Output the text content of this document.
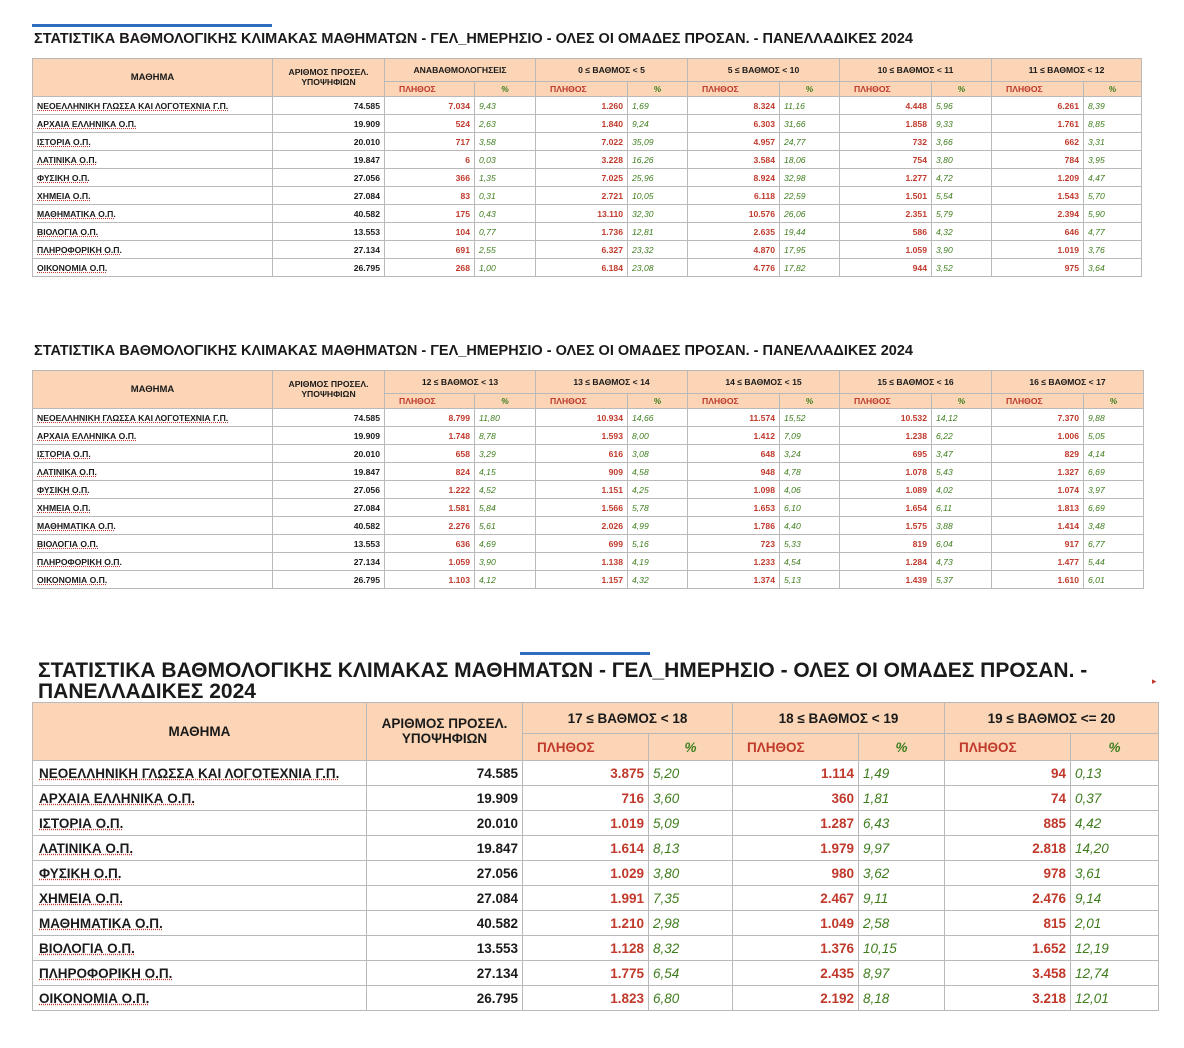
ΣΤΑΤΙΣΤΙΚΑ ΒΑΘΜΟΛΟΓΙΚΗΣ ΚΛΙΜΑΚΑΣ ΜΑΘΗΜΑΤΩΝ - ΓΕΛ_ΗΜΕΡΗΣΙΟ - ΟΛΕΣ ΟΙ ΟΜΑΔΕΣ ΠΡΟΣΑΝ. - ΠΑΝΕΛΛΑΔΙΚΕΣ 2024
ΜΑΘΗΜΑ	ΑΡΙΘΜΟΣ ΠΡΟΣΕΛ. ΥΠΟΨΗΦΙΩΝ	ΑΝΑΒΑΘΜΟΛΟΓΗΣΕΙΣ		0 ≤ ΒΑΘΜΟΣ < 5		5 ≤ ΒΑΘΜΟΣ < 10		10 ≤ ΒΑΘΜΟΣ < 11		11 ≤ ΒΑΘΜΟΣ < 12	
		ΠΛΗΘΟΣ	%	ΠΛΗΘΟΣ	%	ΠΛΗΘΟΣ	%	ΠΛΗΘΟΣ	%	ΠΛΗΘΟΣ	%
ΝΕΟΕΛΛΗΝΙΚΗ ΓΛΩΣΣΑ ΚΑΙ ΛΟΓΟΤΕΧΝΙΑ Γ.Π.	74.585	7.034	9,43	1.260	1,69	8.324	11,16	4.448	5,96	6.261	8,39
ΑΡΧΑΙΑ ΕΛΛΗΝΙΚΑ Ο.Π.	19.909	524	2,63	1.840	9,24	6.303	31,66	1.858	9,33	1.761	8,85
ΙΣΤΟΡΙΑ Ο.Π.	20.010	717	3,58	7.022	35,09	4.957	24,77	732	3,66	662	3,31
ΛΑΤΙΝΙΚΑ Ο.Π.	19.847	6	0,03	3.228	16,26	3.584	18,06	754	3,80	784	3,95
ΦΥΣΙΚΗ Ο.Π.	27.056	366	1,35	7.025	25,96	8.924	32,98	1.277	4,72	1.209	4,47
ΧΗΜΕΙΑ Ο.Π.	27.084	83	0,31	2.721	10,05	6.118	22,59	1.501	5,54	1.543	5,70
ΜΑΘΗΜΑΤΙΚΑ Ο.Π.	40.582	175	0,43	13.110	32,30	10.576	26,06	2.351	5,79	2.394	5,90
ΒΙΟΛΟΓΙΑ Ο.Π.	13.553	104	0,77	1.736	12,81	2.635	19,44	586	4,32	646	4,77
ΠΛΗΡΟΦΟΡΙΚΗ Ο.Π.	27.134	691	2,55	6.327	23,32	4.870	17,95	1.059	3,90	1.019	3,76
ΟΙΚΟΝΟΜΙΑ Ο.Π.	26.795	268	1,00	6.184	23,08	4.776	17,82	944	3,52	975	3,64
ΣΤΑΤΙΣΤΙΚΑ ΒΑΘΜΟΛΟΓΙΚΗΣ ΚΛΙΜΑΚΑΣ ΜΑΘΗΜΑΤΩΝ - ΓΕΛ_ΗΜΕΡΗΣΙΟ - ΟΛΕΣ ΟΙ ΟΜΑΔΕΣ ΠΡΟΣΑΝ. - ΠΑΝΕΛΛΑΔΙΚΕΣ 2024
ΜΑΘΗΜΑ	ΑΡΙΘΜΟΣ ΠΡΟΣΕΛ. ΥΠΟΨΗΦΙΩΝ	12 ≤ ΒΑΘΜΟΣ < 13		13 ≤ ΒΑΘΜΟΣ < 14		14 ≤ ΒΑΘΜΟΣ < 15		15 ≤ ΒΑΘΜΟΣ < 16		16 ≤ ΒΑΘΜΟΣ < 17	
		ΠΛΗΘΟΣ	%	ΠΛΗΘΟΣ	%	ΠΛΗΘΟΣ	%	ΠΛΗΘΟΣ	%	ΠΛΗΘΟΣ	%
ΝΕΟΕΛΛΗΝΙΚΗ ΓΛΩΣΣΑ ΚΑΙ ΛΟΓΟΤΕΧΝΙΑ Γ.Π.	74.585	8.799	11,80	10.934	14,66	11.574	15,52	10.532	14,12	7.370	9,88
ΑΡΧΑΙΑ ΕΛΛΗΝΙΚΑ Ο.Π.	19.909	1.748	8,78	1.593	8,00	1.412	7,09	1.238	6,22	1.006	5,05
ΙΣΤΟΡΙΑ Ο.Π.	20.010	658	3,29	616	3,08	648	3,24	695	3,47	829	4,14
ΛΑΤΙΝΙΚΑ Ο.Π.	19.847	824	4,15	909	4,58	948	4,78	1.078	5,43	1.327	6,69
ΦΥΣΙΚΗ Ο.Π.	27.056	1.222	4,52	1.151	4,25	1.098	4,06	1.089	4,02	1.074	3,97
ΧΗΜΕΙΑ Ο.Π.	27.084	1.581	5,84	1.566	5,78	1.653	6,10	1.654	6,11	1.813	6,69
ΜΑΘΗΜΑΤΙΚΑ Ο.Π.	40.582	2.276	5,61	2.026	4,99	1.786	4,40	1.575	3,88	1.414	3,48
ΒΙΟΛΟΓΙΑ Ο.Π.	13.553	636	4,69	699	5,16	723	5,33	819	6,04	917	6,77
ΠΛΗΡΟΦΟΡΙΚΗ Ο.Π.	27.134	1.059	3,90	1.138	4,19	1.233	4,54	1.284	4,73	1.477	5,44
ΟΙΚΟΝΟΜΙΑ Ο.Π.	26.795	1.103	4,12	1.157	4,32	1.374	5,13	1.439	5,37	1.610	6,01
ΣΤΑΤΙΣΤΙΚΑ ΒΑΘΜΟΛΟΓΙΚΗΣ ΚΛΙΜΑΚΑΣ ΜΑΘΗΜΑΤΩΝ - ΓΕΛ_ΗΜΕΡΗΣΙΟ - ΟΛΕΣ ΟΙ ΟΜΑΔΕΣ ΠΡΟΣΑΝ. - ΠΑΝΕΛΛΑΔΙΚΕΣ 2024
ΜΑΘΗΜΑ	ΑΡΙΘΜΟΣ ΠΡΟΣΕΛ. ΥΠΟΨΗΦΙΩΝ	17 ≤ ΒΑΘΜΟΣ < 18		18 ≤ ΒΑΘΜΟΣ < 19		19 ≤ ΒΑΘΜΟΣ <= 20	
		ΠΛΗΘΟΣ	%	ΠΛΗΘΟΣ	%	ΠΛΗΘΟΣ	%
ΝΕΟΕΛΛΗΝΙΚΗ ΓΛΩΣΣΑ ΚΑΙ ΛΟΓΟΤΕΧΝΙΑ Γ.Π.	74.585	3.875	5,20	1.114	1,49	94	0,13
ΑΡΧΑΙΑ ΕΛΛΗΝΙΚΑ Ο.Π.	19.909	716	3,60	360	1,81	74	0,37
ΙΣΤΟΡΙΑ Ο.Π.	20.010	1.019	5,09	1.287	6,43	885	4,42
ΛΑΤΙΝΙΚΑ Ο.Π.	19.847	1.614	8,13	1.979	9,97	2.818	14,20
ΦΥΣΙΚΗ Ο.Π.	27.056	1.029	3,80	980	3,62	978	3,61
ΧΗΜΕΙΑ Ο.Π.	27.084	1.991	7,35	2.467	9,11	2.476	9,14
ΜΑΘΗΜΑΤΙΚΑ Ο.Π.	40.582	1.210	2,98	1.049	2,58	815	2,01
ΒΙΟΛΟΓΙΑ Ο.Π.	13.553	1.128	8,32	1.376	10,15	1.652	12,19
ΠΛΗΡΟΦΟΡΙΚΗ Ο.Π.	27.134	1.775	6,54	2.435	8,97	3.458	12,74
ΟΙΚΟΝΟΜΙΑ Ο.Π.	26.795	1.823	6,80	2.192	8,18	3.218	12,01
▸
